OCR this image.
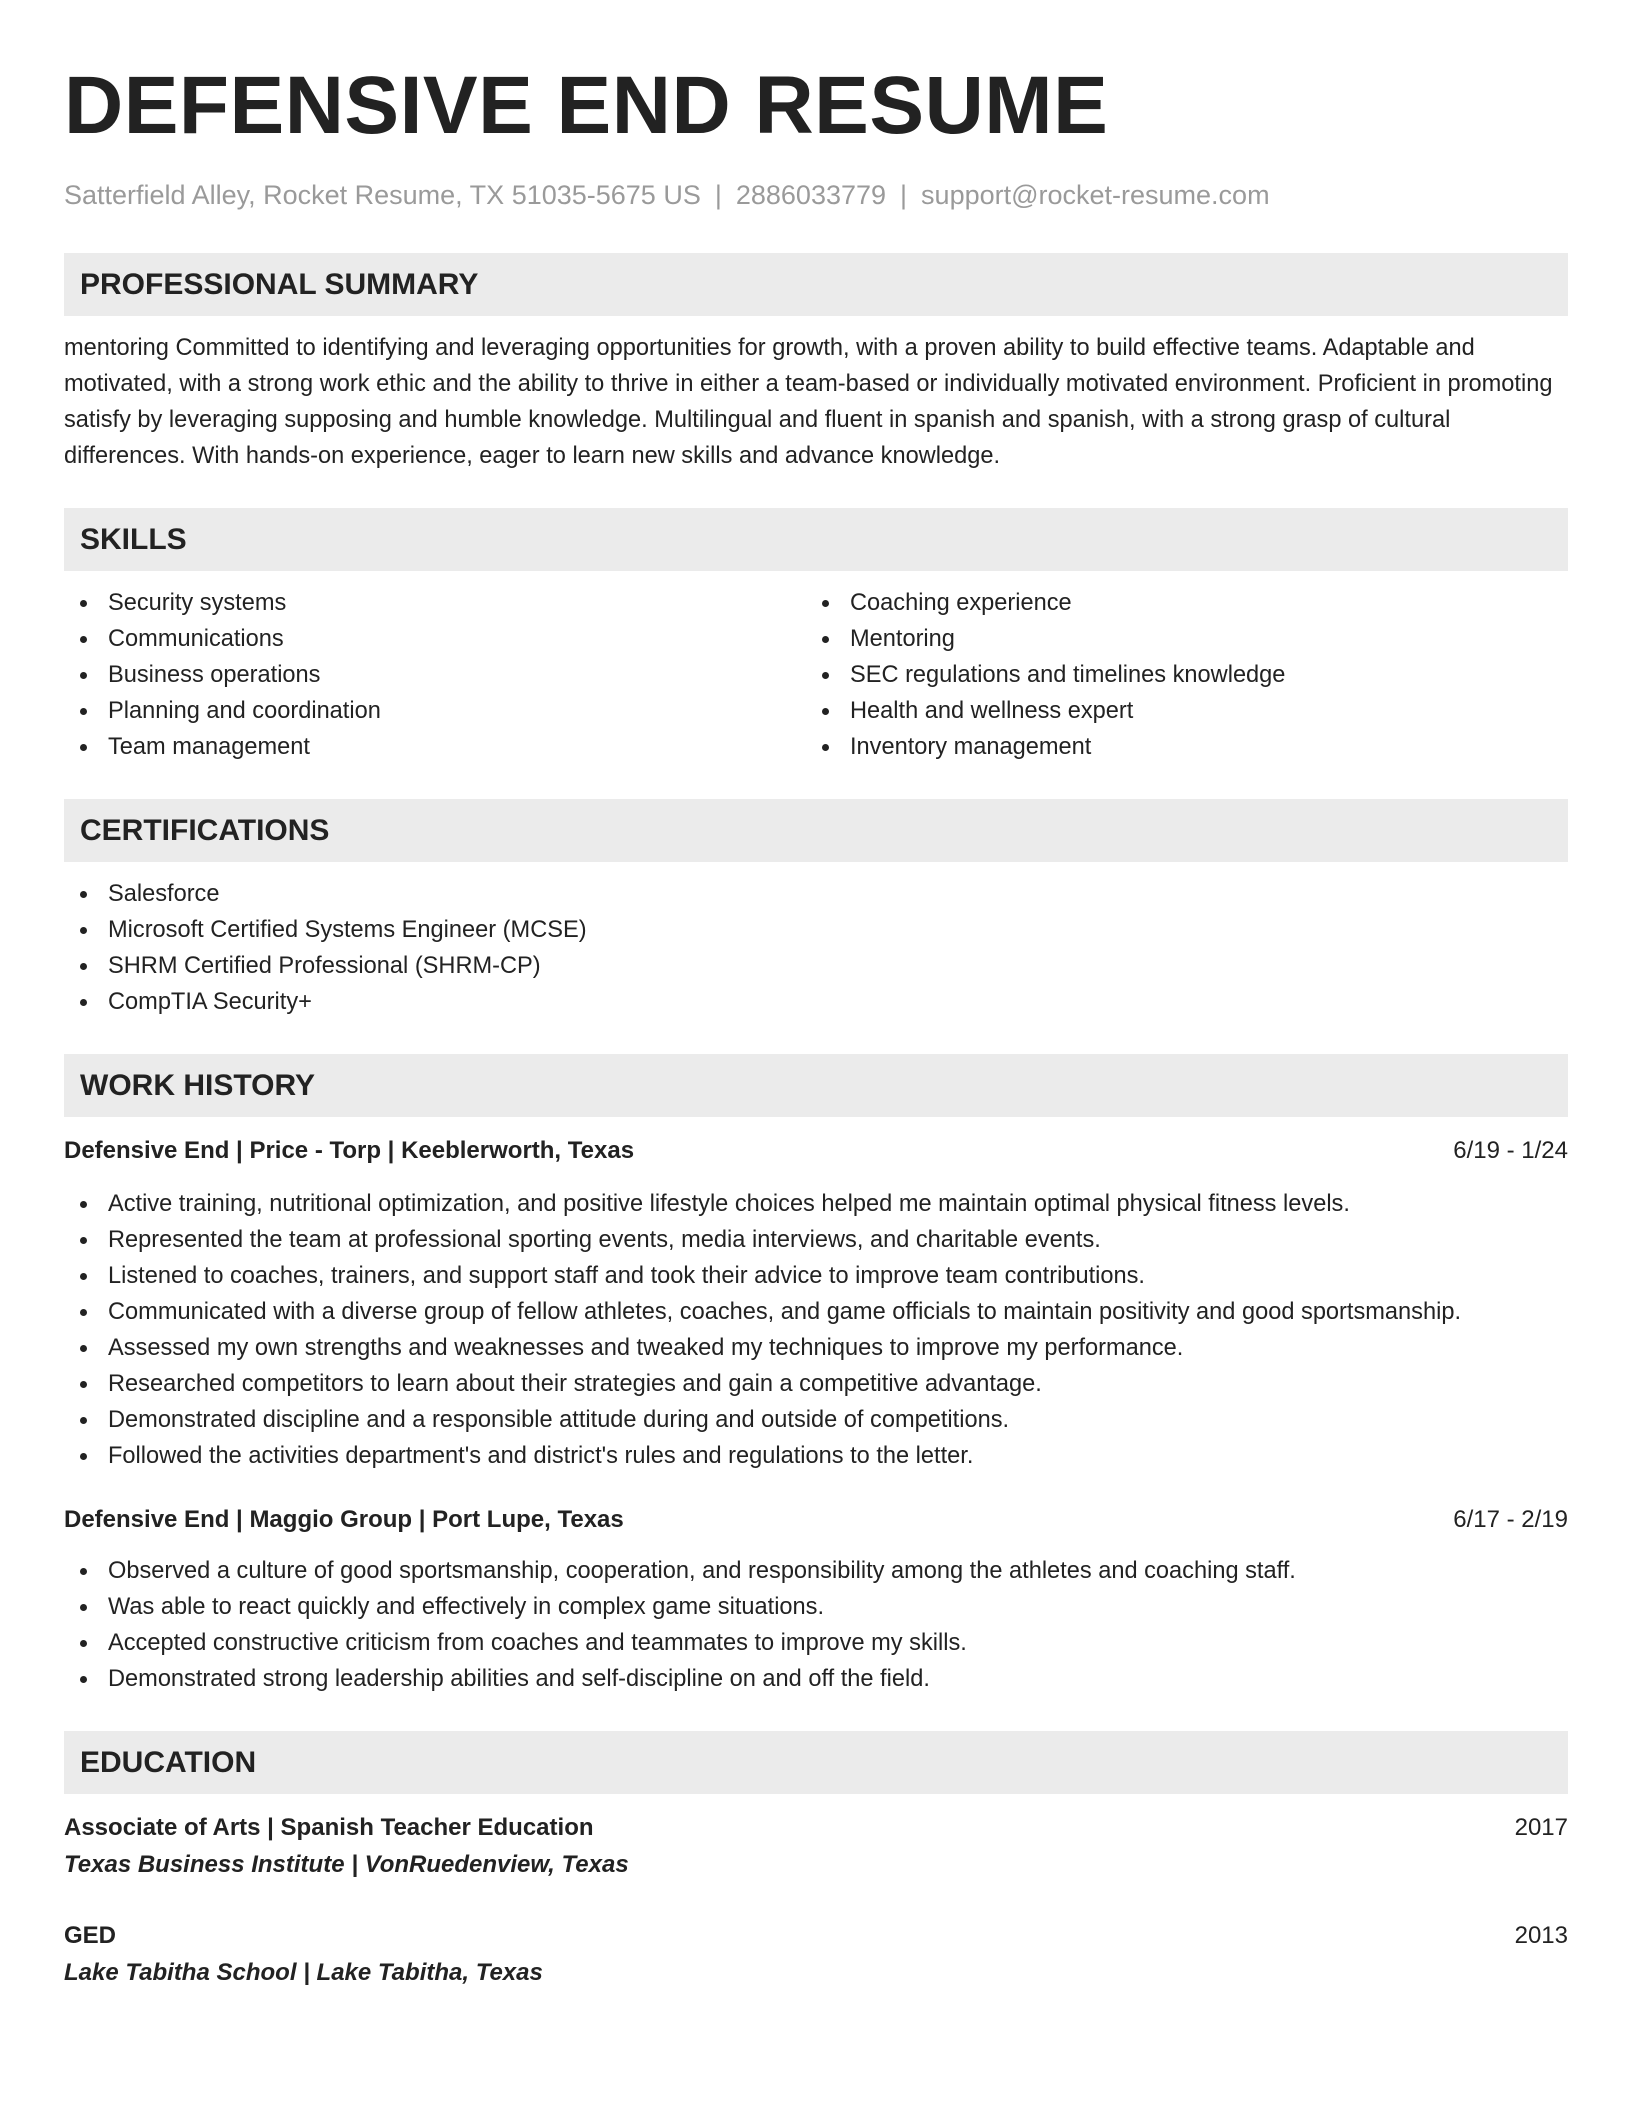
DEFENSIVE END RESUME
Satterfield Alley, Rocket Resume, TX 51035-5675 US | 2886033779 | support@rocket-resume.com
PROFESSIONAL SUMMARY

mentoring Committed to identifying and leveraging opportunities for growth, with a proven ability to build effective teams. Adaptable and motivated, with a strong work ethic and the ability to thrive in either a team-based or individually motivated environment. Proficient in promoting satisfy by leveraging supposing and humble knowledge. Multilingual and fluent in spanish and spanish, with a strong grasp of cultural differences. With hands-on experience, eager to learn new skills and advance knowledge.

SKILLS
Security systems
Communications
Business operations
Planning and coordination
Team management
Coaching experience
Mentoring
SEC regulations and timelines knowledge
Health and wellness expert
Inventory management
CERTIFICATIONS
Salesforce
Microsoft Certified Systems Engineer (MCSE)
SHRM Certified Professional (SHRM-CP)
CompTIA Security+
WORK HISTORY
Defensive End | Price - Torp | Keeblerworth, Texas	6/19 - 1/24
Active training, nutritional optimization, and positive lifestyle choices helped me maintain optimal physical fitness levels.
Represented the team at professional sporting events, media interviews, and charitable events.
Listened to coaches, trainers, and support staff and took their advice to improve team contributions.
Communicated with a diverse group of fellow athletes, coaches, and game officials to maintain positivity and good sportsmanship.
Assessed my own strengths and weaknesses and tweaked my techniques to improve my performance.
Researched competitors to learn about their strategies and gain a competitive advantage.
Demonstrated discipline and a responsible attitude during and outside of competitions.
Followed the activities department's and district's rules and regulations to the letter.
Defensive End | Maggio Group | Port Lupe, Texas	6/17 - 2/19
Observed a culture of good sportsmanship, cooperation, and responsibility among the athletes and coaching staff.
Was able to react quickly and effectively in complex game situations.
Accepted constructive criticism from coaches and teammates to improve my skills.
Demonstrated strong leadership abilities and self-discipline on and off the field.
EDUCATION
Associate of Arts | Spanish Teacher Education	2017
Texas Business Institute | VonRuedenview, Texas
GED	2013
Lake Tabitha School | Lake Tabitha, Texas
